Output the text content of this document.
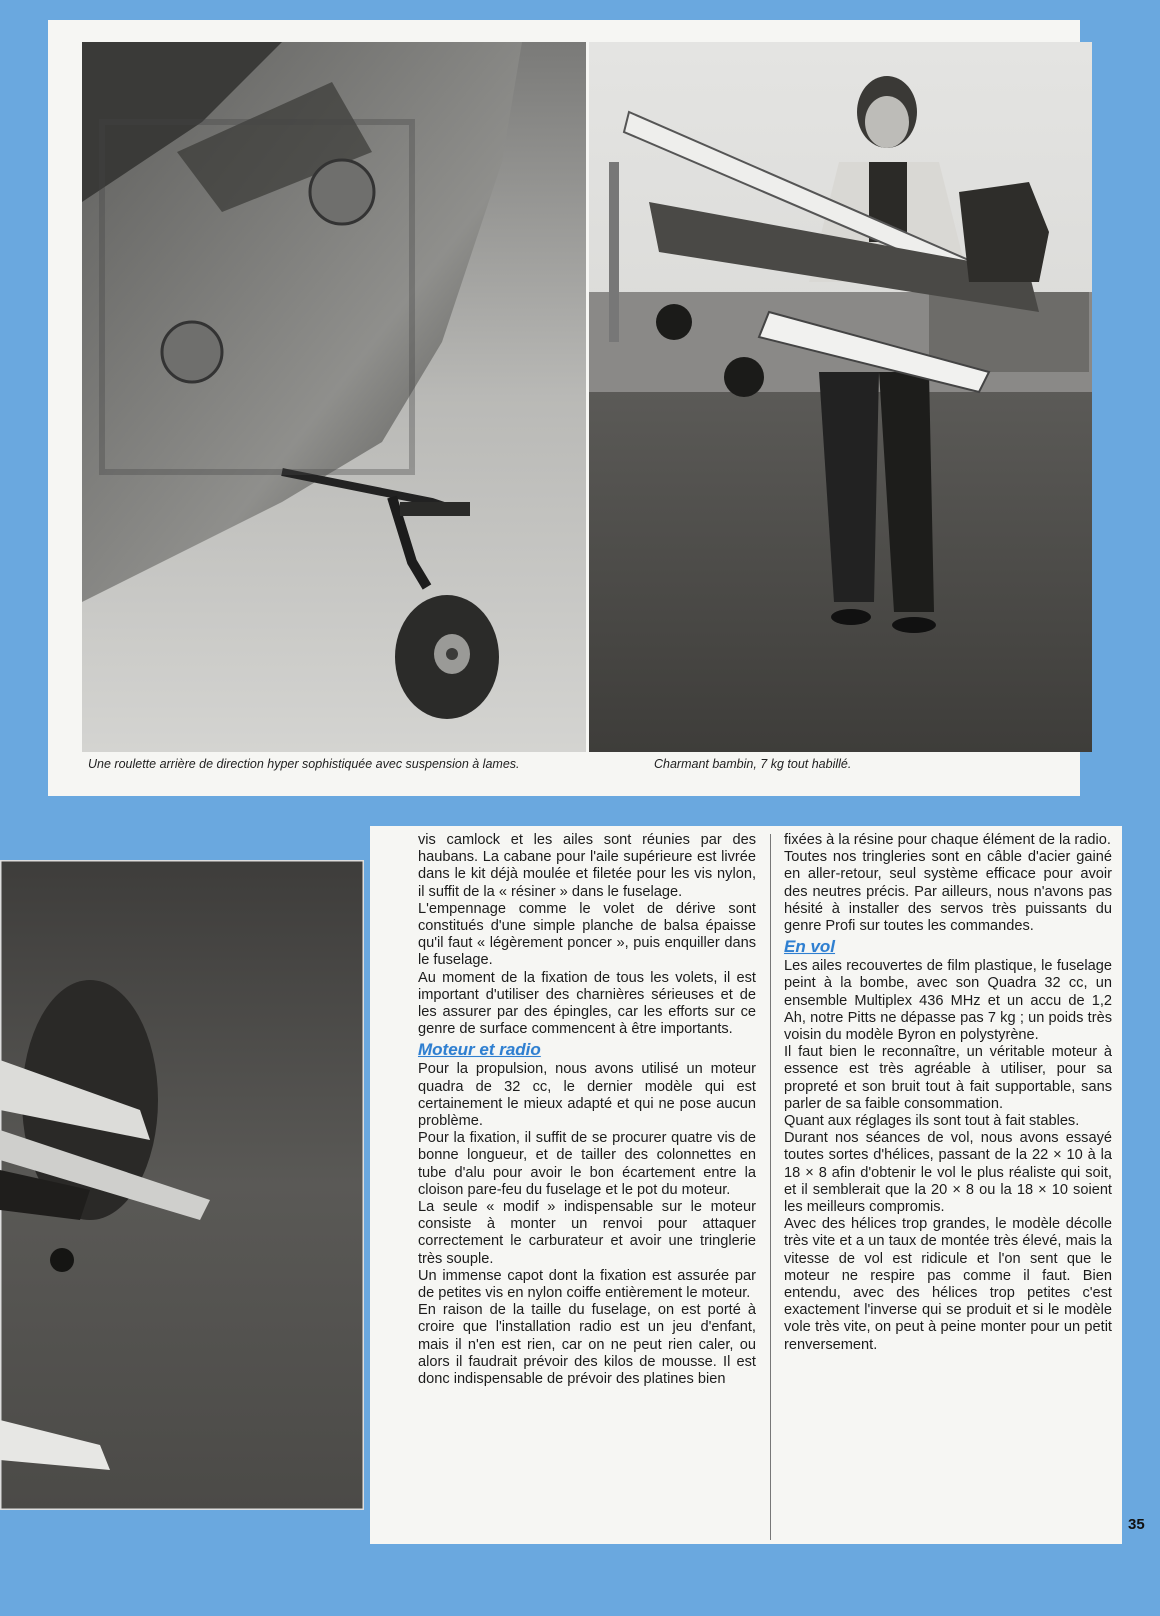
Une roulette arrière de direction hyper sophistiquée avec suspension à lames.	Charmant bambin, 7 kg tout habillé.

vis camlock et les ailes sont réunies par des haubans. La cabane pour l'aile supérieure est livrée dans le kit déjà moulée et filetée pour les vis nylon, il suffit de la « résiner » dans le fuselage.

L'empennage comme le volet de dérive sont constitués d'une simple planche de balsa épaisse qu'il faut « légèrement poncer », puis enquiller dans le fuselage.

Au moment de la fixation de tous les volets, il est important d'utiliser des charnières sérieuses et de les assurer par des épingles, car les efforts sur ce genre de surface commencent à être importants.

Moteur et radio

Pour la propulsion, nous avons utilisé un moteur quadra de 32 cc, le dernier modèle qui est certainement le mieux adapté et qui ne pose aucun problème.

Pour la fixation, il suffit de se procurer quatre vis de bonne longueur, et de tailler des colonnettes en tube d'alu pour avoir le bon écartement entre la cloison pare-feu du fuselage et le pot du moteur.

La seule « modif » indispensable sur le moteur consiste à monter un renvoi pour attaquer correctement le carburateur et avoir une tringlerie très souple.

Un immense capot dont la fixation est assurée par de petites vis en nylon coiffe entièrement le moteur.

En raison de la taille du fuselage, on est porté à croire que l'installation radio est un jeu d'enfant, mais il n'en est rien, car on ne peut rien caler, ou alors il faudrait prévoir des kilos de mousse. Il est donc indispensable de prévoir des platines bien

fixées à la résine pour chaque élément de la radio.

Toutes nos tringleries sont en câble d'acier gainé en aller-retour, seul système efficace pour avoir des neutres précis. Par ailleurs, nous n'avons pas hésité à installer des servos très puissants du genre Profi sur toutes les commandes.

En vol

Les ailes recouvertes de film plastique, le fuselage peint à la bombe, avec son Quadra 32 cc, un ensemble Multiplex 436 MHz et un accu de 1,2 Ah, notre Pitts ne dépasse pas 7 kg ; un poids très voisin du modèle Byron en polystyrène.

Il faut bien le reconnaître, un véritable moteur à essence est très agréable à utiliser, pour sa propreté et son bruit tout à fait supportable, sans parler de sa faible consommation.

Quant aux réglages ils sont tout à fait stables.

Durant nos séances de vol, nous avons essayé toutes sortes d'hélices, passant de la 22 × 10 à la 18 × 8 afin d'obtenir le vol le plus réaliste qui soit, et il semblerait que la 20 × 8 ou la 18 × 10 soient les meilleurs compromis.

Avec des hélices trop grandes, le modèle décolle très vite et a un taux de montée très élevé, mais la vitesse de vol est ridicule et l'on sent que le moteur ne respire pas comme il faut. Bien entendu, avec des hélices trop petites c'est exactement l'inverse qui se produit et si le modèle vole très vite, on peut à peine monter pour un petit renversement.

35
